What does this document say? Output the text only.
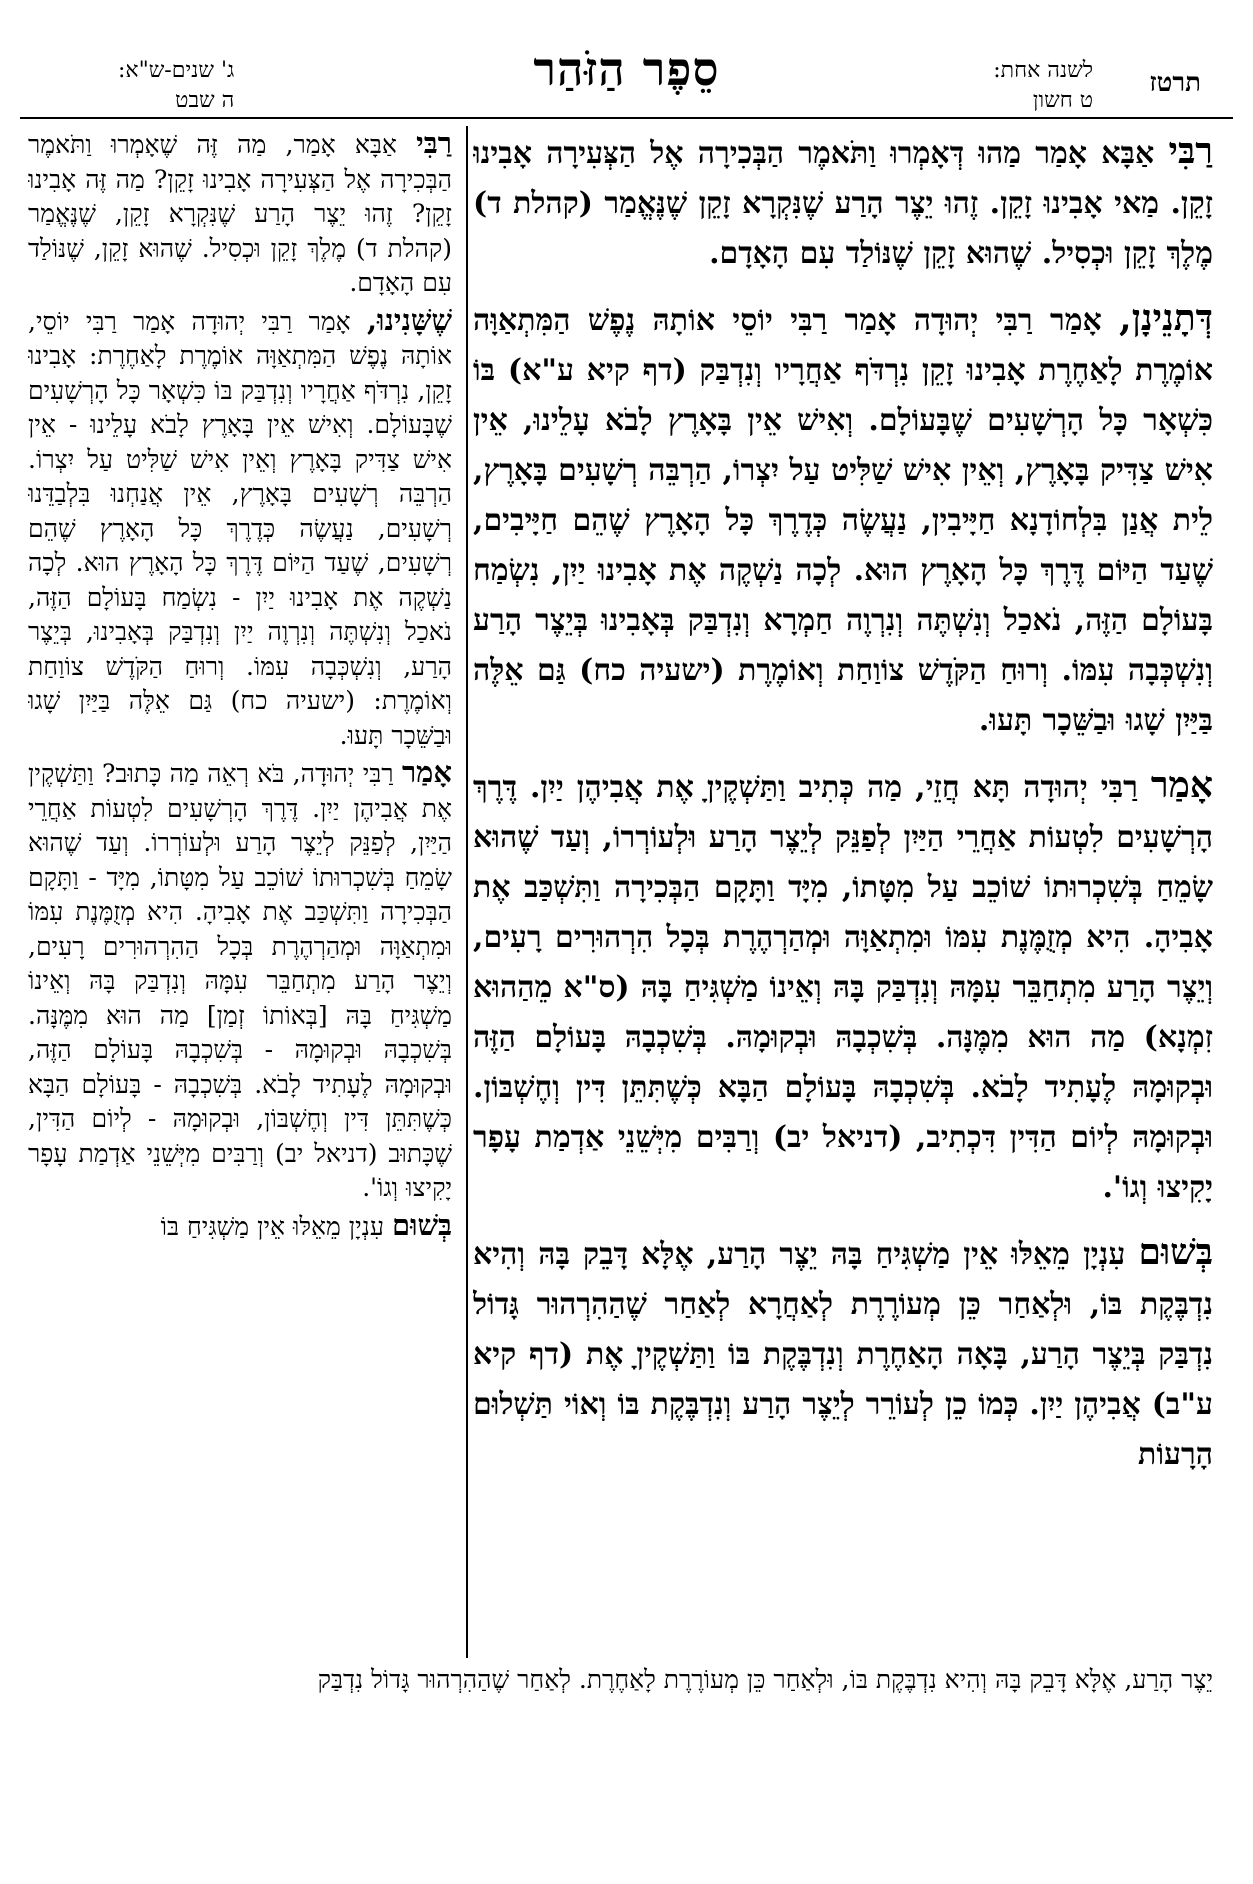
תרטז
לשנה אחת:
ט חשון
סֵפֶר הַזֹּהַר
ג' שנים-ש"א:
ה שבט

רַבִּי אַבָּא אָמַר מַהוּ דְּאָמְרוּ וַתֹּאמֶר הַבְּכִירָה אֶל הַצְּעִירָה אָבִינוּ זָקֵן. מַאי אָבִינוּ זָקֵן. זֶהוּ יֵצֶר הָרַע שֶׁנִּקְרָא זָקֵן שֶׁנֶּאֱמַר (קהלת ד) מֶלֶךְ זָקֵן וּכְסִיל. שֶׁהוּא זָקֵן שֶׁנּוֹלַד עִם הָאָדָם.

דְּתָנֵינָן, אָמַר רַבִּי יְהוּדָה אָמַר רַבִּי יוֹסֵי אוֹתָהּ נֶפֶשׁ הַמִּתְאַוָּה אוֹמֶרֶת לָאַחֶרֶת אָבִינוּ זָקֵן נִרְדֹּף אַחֲרָיו וְנִדְבַּק (דף קיא ע"א) בּוֹ כִּשְׁאָר כָּל הָרְשָׁעִים שֶׁבָּעוֹלָם. וְאִישׁ אֵין בָּאָרֶץ לָבֹא עָלֵינוּ, אֵין אִישׁ צַדִּיק בָּאָרֶץ, וְאֵין אִישׁ שַׁלִּיט עַל יִצְרוֹ, הַרְבֵּה רְשָׁעִים בָּאָרֶץ, לֵית אֲנַן בִּלְחוֹדָנָא חַיָּיבִין, נַעֲשֶׂה כְּדֶרֶךְ כָּל הָאָרֶץ שֶׁהֵם חַיָּיבִים, שֶׁעַד הַיּוֹם דֶּרֶךְ כָּל הָאָרֶץ הוּא. לְכָה נַשְׁקֶה אֶת אָבִינוּ יַיִן, נִשְׂמַח בָּעוֹלָם הַזֶּה, נֹאכַל וְנִשְׁתֶּה וְנִרְוֶה חַמְרָא וְנִדְבַּק בְּאָבִינוּ בְּיֵצֶר הָרַע וְנִשְׁכְּבָה עִמּוֹ. וְרוּחַ הַקֹּדֶשׁ צוֹוַחַת וְאוֹמֶרֶת (ישעיה כח) גַּם אֵלֶּה בַּיַּיִן שָׁגוּ וּבַשֵּׁכָר תָּעוּ.

אָמַר רַבִּי יְהוּדָה תָּא חֲזֵי, מַה כְּתִיב וַתַּשְׁקֶיןָ אֶת אֲבִיהֶן יַיִן. דֶּרֶךְ הָרְשָׁעִים לִטְעוֹת אַחֲרֵי הַיַּיִן לְפַנֵּק לְיֵצֶר הָרַע וּלְעוֹרְרוֹ, וְעַד שֶׁהוּא שָׂמֵחַ בְּשִׁכְרוּתוֹ שׁוֹכֵב עַל מִטָּתוֹ, מִיָּד וַתָּקָם הַבְּכִירָה וַתִּשְׁכַּב אֶת אָבִיהָ. הִיא מְזֻמֶּנֶת עִמּוֹ וּמִתְאַוָּה וּמְהַרְהֶרֶת בְּכָל הִרְהוּרִים רָעִים, וְיֵצֶר הָרַע מִתְחַבֵּר עִמָּהּ וְנִדְבַּק בָּהּ וְאֵינוֹ מַשְׁגִּיחַ בָּהּ (ס"א מֵהַהוּא זִמְנָא) מַה הוּא מִמֶּנָּה. בְּשִׁכְבָהּ וּבְקוּמָהּ. בְּשִׁכְבָהּ בָּעוֹלָם הַזֶּה וּבְקוּמָהּ לֶעָתִיד לָבֹא. בְּשִׁכְבָהּ בָּעוֹלָם הַבָּא כְּשֶׁתִּתֵּן דִּין וְחֶשְׁבּוֹן. וּבְקוּמָהּ לְיוֹם הַדִּין דִּכְתִיב, (דניאל יב) וְרַבִּים מִיְּשֵׁנֵי אַדְמַת עָפָר יָקִיצוּ וְגוֹ'.

בְּשׁוּם עִנְיָן מֵאֵלּוּ אֵין מַשְׁגִּיחַ בָּהּ יֵצֶר הָרַע, אֶלָּא דָּבֵק בָּהּ וְהִיא נִדְבֶּקֶת בּוֹ, וּלְאַחַר כֵּן מְעוֹרֶרֶת לְאַחֲרָא לְאַחַר שֶׁהַהִרְהוּר גָּדוֹל נִדְבַּק בְּיֵצֶר הָרַע, בָּאָה הָאַחֶרֶת וְנִדְבֶּקֶת בּוֹ וַתַּשְׁקֶיןָ אֶת (דף קיא ע"ב) אֲבִיהֶן יַיִן. כְּמוֹ כֵן לְעוֹרֵר לְיֵצֶר הָרַע וְנִדְבֶּקֶת בּוֹ וְאוֹי תַּשְׁלוּם הָרָעוֹת

רַבִּי אַבָּא אָמַר, מַה זֶּה שֶׁאָמְרוּ וַתֹּאמֶר הַבְּכִירָה אֶל הַצְּעִירָה אָבִינוּ זָקֵן? מַה זֶּה אָבִינוּ זָקֵן? זֶהוּ יֵצֶר הָרַע שֶׁנִּקְרָא זָקֵן, שֶׁנֶּאֱמַר (קהלת ד) מֶלֶךְ זָקֵן וּכְסִיל. שֶׁהוּא זָקֵן, שֶׁנּוֹלַד עִם הָאָדָם.

שֶׁשָּׁנִינוּ, אָמַר רַבִּי יְהוּדָה אָמַר רַבִּי יוֹסֵי, אוֹתָהּ נֶפֶשׁ הַמִּתְאַוָּה אוֹמֶרֶת לָאַחֶרֶת: אָבִינוּ זָקֵן, נִרְדֹּף אַחֲרָיו וְנִדְבַּק בּוֹ כִּשְׁאָר כָּל הָרְשָׁעִים שֶׁבָּעוֹלָם. וְאִישׁ אֵין בָּאָרֶץ לָבֹא עָלֵינוּ - אֵין אִישׁ צַדִּיק בָּאָרֶץ וְאֵין אִישׁ שַׁלִּיט עַל יִצְרוֹ. הַרְבֵּה רְשָׁעִים בָּאָרֶץ, אֵין אֲנַחְנוּ בִּלְבַדֵּנוּ רְשָׁעִים, נַעֲשֶׂה כְּדֶרֶךְ כָּל הָאָרֶץ שֶׁהֵם רְשָׁעִים, שֶׁעַד הַיּוֹם דֶּרֶךְ כָּל הָאָרֶץ הוּא. לְכָה נַשְׁקֶה אֶת אָבִינוּ יַיִן - נִשְׂמַח בָּעוֹלָם הַזֶּה, נֹאכַל וְנִשְׁתֶּה וְנִרְוֶה יַיִן וְנִדְבַּק בְּאָבִינוּ, בְּיֵצֶר הָרַע, וְנִשְׁכְּבָה עִמּוֹ. וְרוּחַ הַקֹּדֶשׁ צוֹוַחַת וְאוֹמֶרֶת: (ישעיה כח) גַּם אֵלֶּה בַּיַּיִן שָׁגוּ וּבַשֵּׁכָר תָּעוּ.

אָמַר רַבִּי יְהוּדָה, בֹּא רְאֵה מַה כָּתוּב? וַתַּשְׁקֶיןָ אֶת אֲבִיהֶן יַיִן. דֶּרֶךְ הָרְשָׁעִים לִטְעוֹת אַחֲרֵי הַיַּיִן, לְפַנֵּק לְיֵצֶר הָרַע וּלְעוֹרְרוֹ. וְעַד שֶׁהוּא שָׂמֵחַ בְּשִׁכְרוּתוֹ שׁוֹכֵב עַל מִטָּתוֹ, מִיָּד - וַתָּקָם הַבְּכִירָה וַתִּשְׁכַּב אֶת אָבִיהָ. הִיא מְזֻמֶּנֶת עִמּוֹ וּמִתְאַוָּה וּמְהַרְהֶרֶת בְּכָל הַהִרְהוּרִים רָעִים, וְיֵצֶר הָרַע מִתְחַבֵּר עִמָּהּ וְנִדְבַּק בָּהּ וְאֵינוֹ מַשְׁגִּיחַ בָּהּ [בְּאוֹתוֹ זְמַן] מַה הוּא מִמֶּנָּה. בְּשִׁכְבָהּ וּבְקוּמָהּ - בְּשִׁכְבָהּ בָּעוֹלָם הַזֶּה, וּבְקוּמָהּ לֶעָתִיד לָבֹא. בְּשִׁכְבָהּ - בָּעוֹלָם הַבָּא כְּשֶׁתִּתֵּן דִּין וְחֶשְׁבּוֹן, וּבְקוּמָהּ - לְיוֹם הַדִּין, שֶׁכָּתוּב (דניאל יב) וְרַבִּים מִיְּשֵׁנֵי אַדְמַת עָפָר יָקִיצוּ וְגוֹ'.

בְּשׁוּם עִנְיָן מֵאֵלּוּ אֵין מַשְׁגִּיחַ בּוֹ

יֵצֶר הָרַע, אֶלָּא דָּבֵק בָּהּ וְהִיא נִדְבֶּקֶת בּוֹ, וּלְאַחַר כֵּן מְעוֹרֶרֶת לָאַחֶרֶת. לְאַחַר שֶׁהַהִרְהוּר גָּדוֹל נִדְבַּק
